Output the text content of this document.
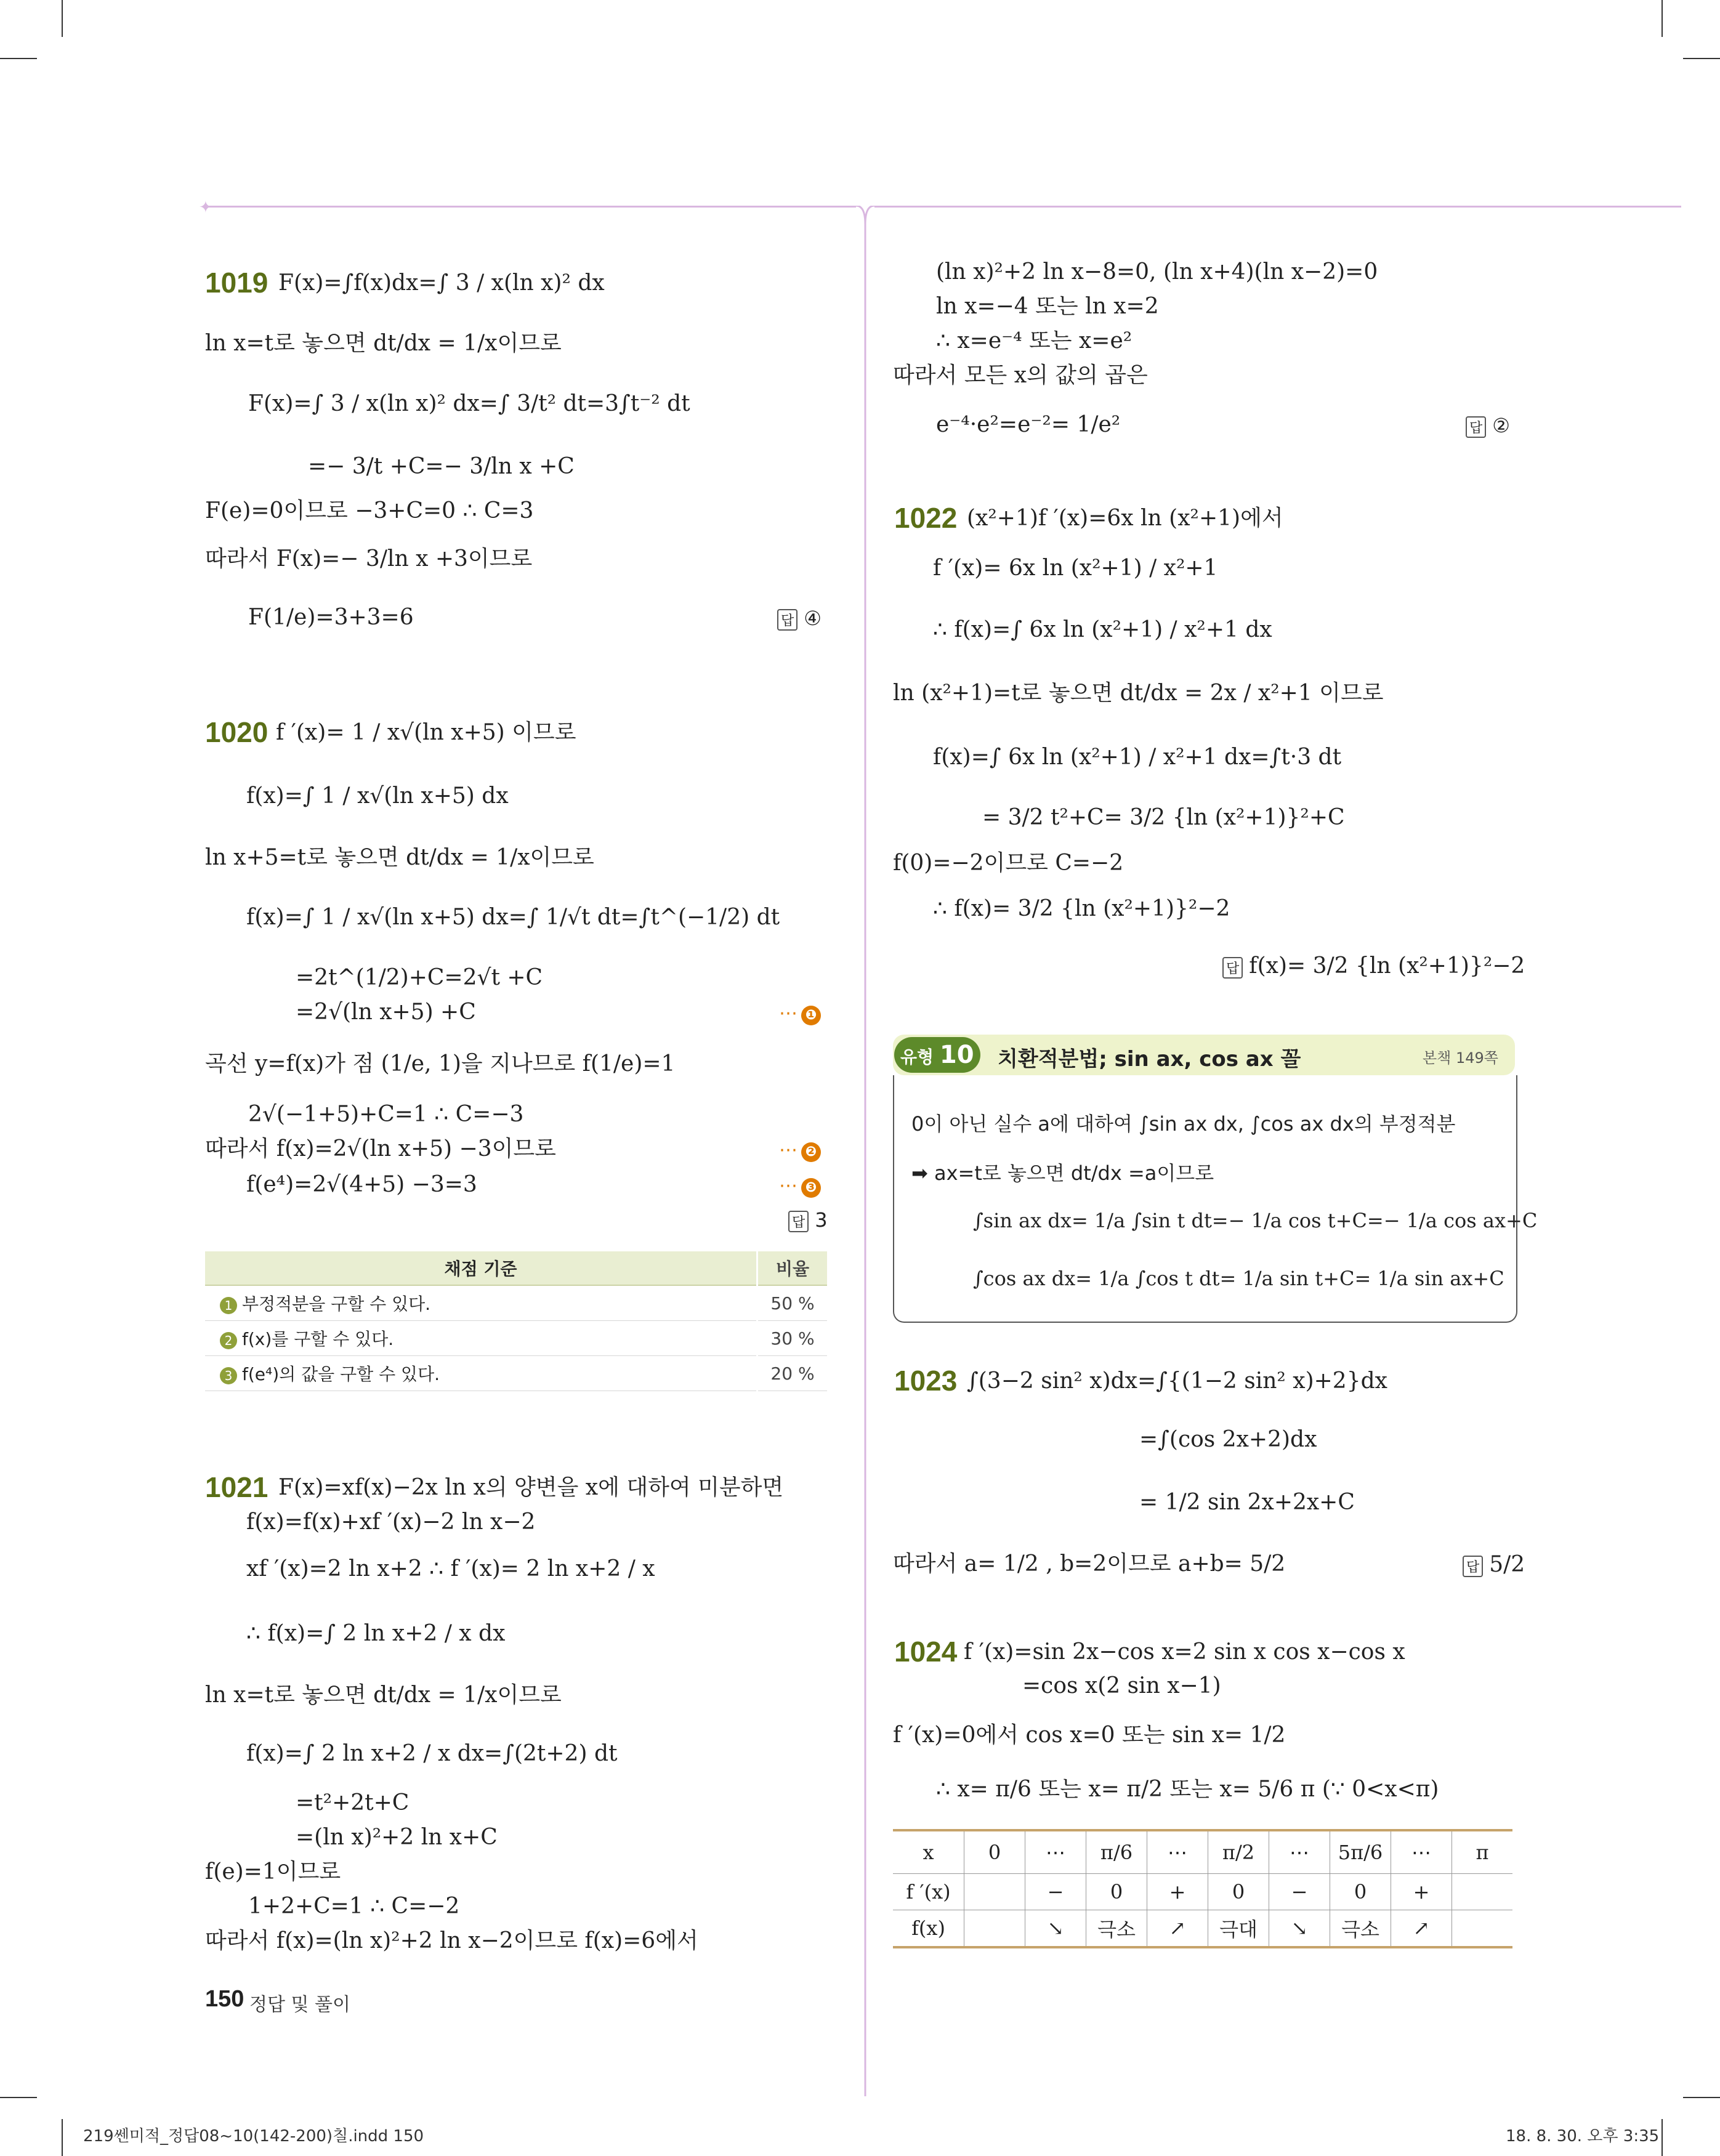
✦
1019 F(x)=∫f(x)dx=∫ 3 / x(ln x)² dx
ln x=t로 놓으면 dt/dx = 1/x이므로
F(x)=∫ 3 / x(ln x)² dx=∫ 3/t² dt=3∫t⁻² dt
=− 3/t +C=− 3/ln x +C
F(e)=0이므로 −3+C=0 ∴ C=3
따라서 F(x)=− 3/ln x +3이므로
F(1/e)=3+3=6	답 ④
1020 f ′(x)= 1 / x√(ln x+5) 이므로
f(x)=∫ 1 / x√(ln x+5) dx
ln x+5=t로 놓으면 dt/dx = 1/x이므로
f(x)=∫ 1 / x√(ln x+5) dx=∫ 1/√t dt=∫t^(−1/2) dt
=2t^(1/2)+C=2√t +C
=2√(ln x+5) +C	⋯ ❶
곡선 y=f(x)가 점 (1/e, 1)을 지나므로 f(1/e)=1
2√(−1+5)+C=1 ∴ C=−3
따라서 f(x)=2√(ln x+5) −3이므로	⋯ ❷
f(e⁴)=2√(4+5) −3=3	⋯ ❸
답 3
채점 기준	비율
1 부정적분을 구할 수 있다.	50 %
2 f(x)를 구할 수 있다.	30 %
3 f(e⁴)의 값을 구할 수 있다.	20 %
1021 F(x)=xf(x)−2x ln x의 양변을 x에 대하여 미분하면
f(x)=f(x)+xf ′(x)−2 ln x−2
xf ′(x)=2 ln x+2 ∴ f ′(x)= 2 ln x+2 / x
∴ f(x)=∫ 2 ln x+2 / x dx
ln x=t로 놓으면 dt/dx = 1/x이므로
f(x)=∫ 2 ln x+2 / x dx=∫(2t+2) dt
=t²+2t+C
=(ln x)²+2 ln x+C
f(e)=1이므로
1+2+C=1 ∴ C=−2
따라서 f(x)=(ln x)²+2 ln x−2이므로 f(x)=6에서
150 정답 및 풀이
(ln x)²+2 ln x−8=0, (ln x+4)(ln x−2)=0
ln x=−4 또는 ln x=2
∴ x=e⁻⁴ 또는 x=e²
따라서 모든 x의 값의 곱은
e⁻⁴·e²=e⁻²= 1/e²	답 ②
1022 (x²+1)f ′(x)=6x ln (x²+1)에서
f ′(x)= 6x ln (x²+1) / x²+1
∴ f(x)=∫ 6x ln (x²+1) / x²+1 dx
ln (x²+1)=t로 놓으면 dt/dx = 2x / x²+1 이므로
f(x)=∫ 6x ln (x²+1) / x²+1 dx=∫t·3 dt
= 3/2 t²+C= 3/2 {ln (x²+1)}²+C
f(0)=−2이므로 C=−2
∴ f(x)= 3/2 {ln (x²+1)}²−2
답 f(x)= 3/2 {ln (x²+1)}²−2
유형 10 치환적분법; sin ax, cos ax 꼴	본책 149쪽
0이 아닌 실수 a에 대하여 ∫sin ax dx, ∫cos ax dx의 부정적분
➡ ax=t로 놓으면 dt/dx =a이므로
∫sin ax dx= 1/a ∫sin t dt=− 1/a cos t+C=− 1/a cos ax+C
∫cos ax dx= 1/a ∫cos t dt= 1/a sin t+C= 1/a sin ax+C
1023 ∫(3−2 sin² x)dx=∫{(1−2 sin² x)+2}dx
=∫(cos 2x+2)dx
= 1/2 sin 2x+2x+C
따라서 a= 1/2 , b=2이므로 a+b= 5/2	답 5/2
1024 f ′(x)=sin 2x−cos x=2 sin x cos x−cos x
=cos x(2 sin x−1)
f ′(x)=0에서 cos x=0 또는 sin x= 1/2
∴ x= π/6 또는 x= π/2 또는 x= 5/6 π (∵ 0<x<π)
x	0	⋯	π/6	⋯	π/2	⋯	5π/6	⋯	π
f ′(x)		−	0	+	0	−	0	+	
f(x)		↘	극소	↗	극대	↘	극소	↗	
219쎈미적_정답08~10(142-200)칠.indd 150	18. 8. 30. 오후 3:35
